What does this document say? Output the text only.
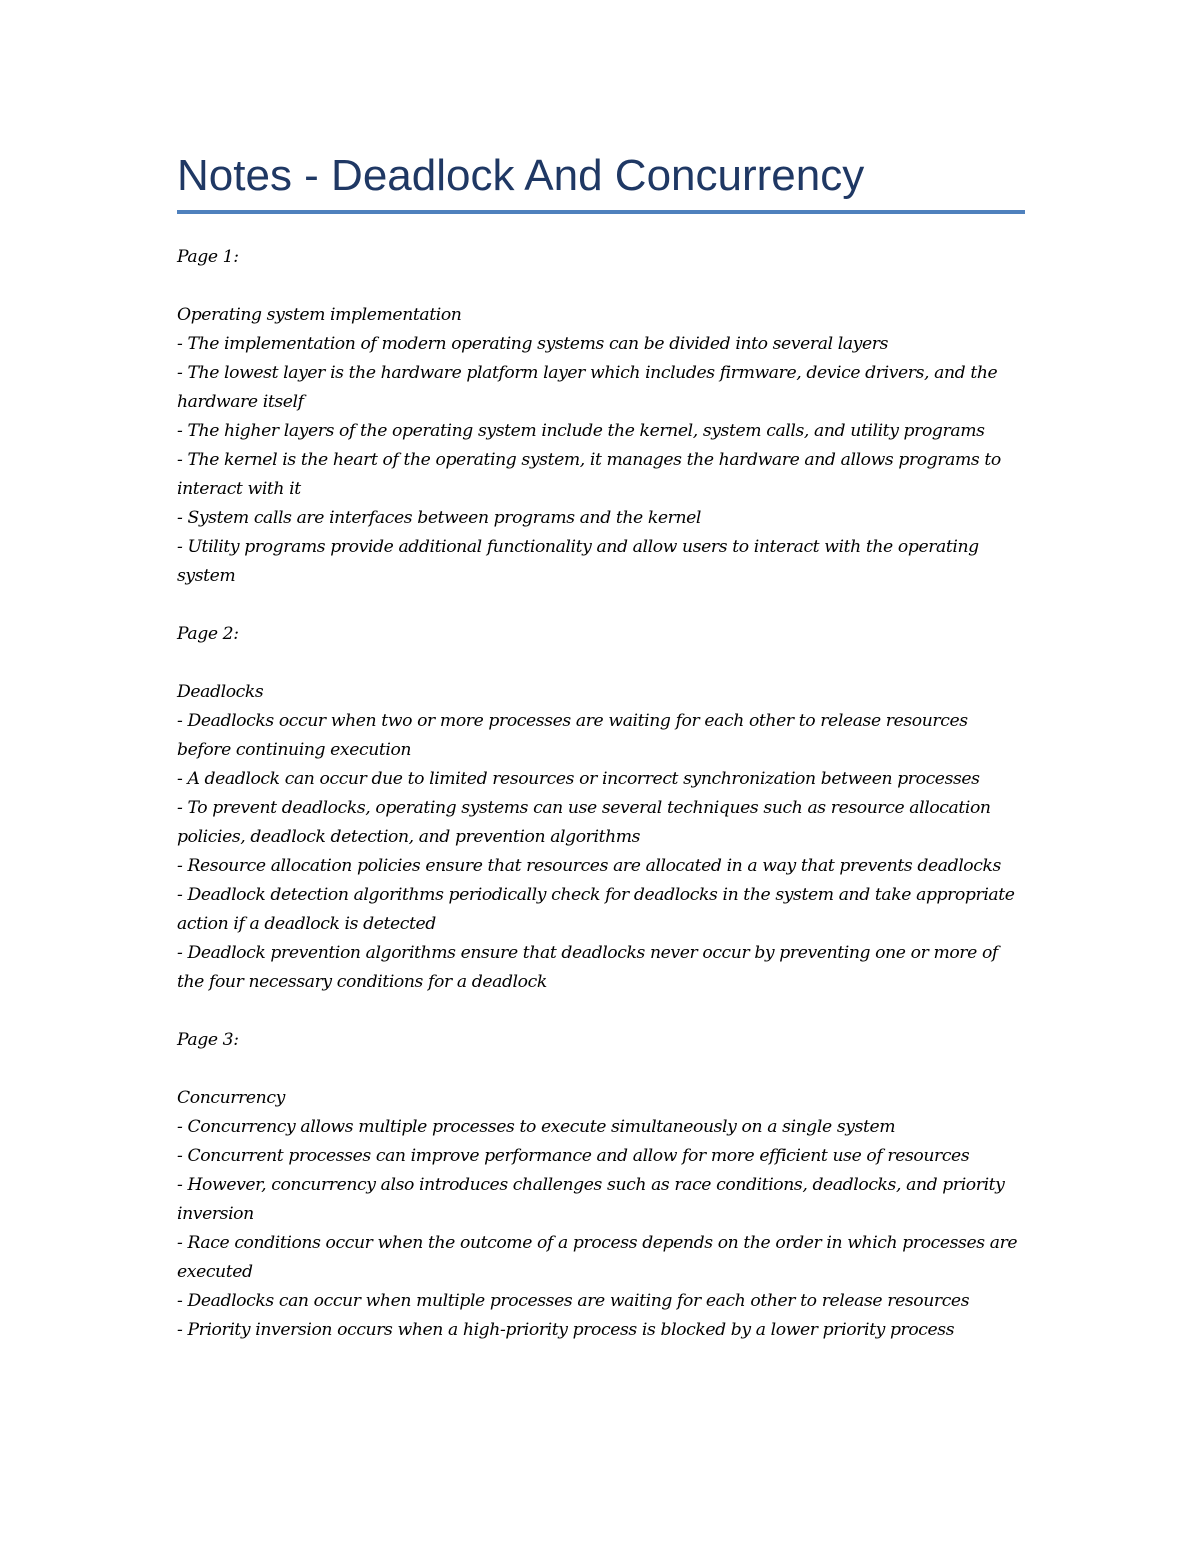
Notes - Deadlock And Concurrency

Page 1:

Operating system implementation

- The implementation of modern operating systems can be divided into several layers
- The lowest layer is the hardware platform layer which includes firmware, device drivers, and the hardware itself
- The higher layers of the operating system include the kernel, system calls, and utility programs
- The kernel is the heart of the operating system, it manages the hardware and allows programs to interact with it
- System calls are interfaces between programs and the kernel
- Utility programs provide additional functionality and allow users to interact with the operating system

Page 2:

Deadlocks

- Deadlocks occur when two or more processes are waiting for each other to release resources before continuing execution
- A deadlock can occur due to limited resources or incorrect synchronization between processes
- To prevent deadlocks, operating systems can use several techniques such as resource allocation policies, deadlock detection, and prevention algorithms
- Resource allocation policies ensure that resources are allocated in a way that prevents deadlocks
- Deadlock detection algorithms periodically check for deadlocks in the system and take appropriate action if a deadlock is detected
- Deadlock prevention algorithms ensure that deadlocks never occur by preventing one or more of the four necessary conditions for a deadlock

Page 3:

Concurrency

- Concurrency allows multiple processes to execute simultaneously on a single system
- Concurrent processes can improve performance and allow for more efficient use of resources
- However, concurrency also introduces challenges such as race conditions, deadlocks, and priority inversion
- Race conditions occur when the outcome of a process depends on the order in which processes are executed
- Deadlocks can occur when multiple processes are waiting for each other to release resources
- Priority inversion occurs when a high-priority process is blocked by a lower priority process
